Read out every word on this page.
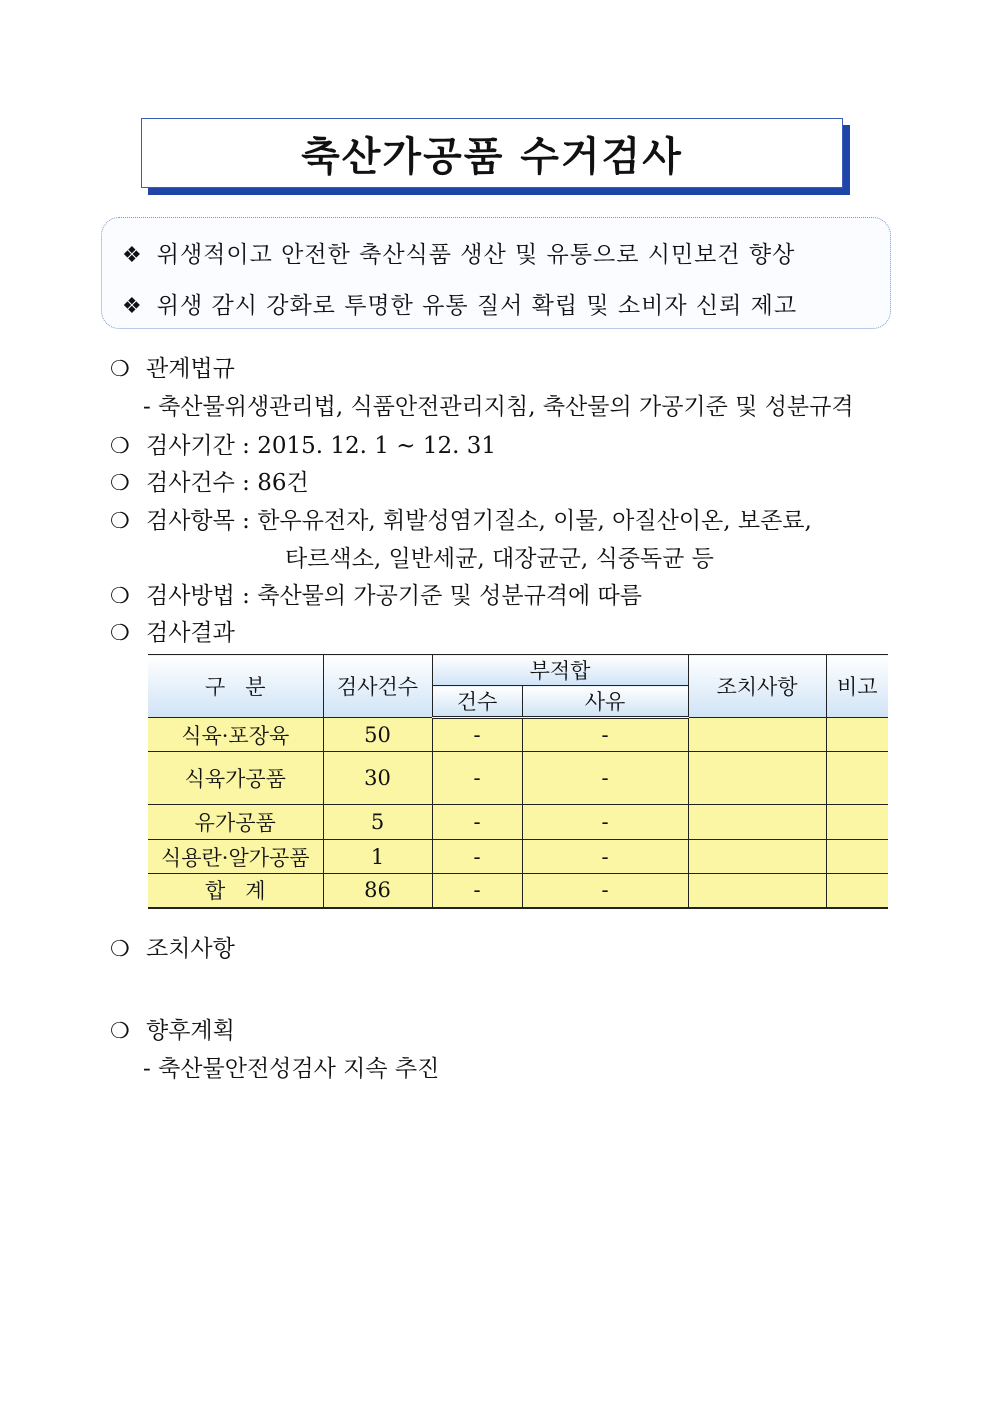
축산가공품 수거검사
❖ 위생적이고 안전한 축산식품 생산 및 유통으로 시민보건 향상
❖ 위생 감시 강화로 투명한 유통 질서 확립 및 소비자 신뢰 제고
❍ 관계법규
- 축산물위생관리법, 식품안전관리지침, 축산물의 가공기준 및 성분규격
❍ 검사기간 : 2015. 12. 1 ~ 12. 31
❍ 검사건수 : 86건
❍ 검사항목 : 한우유전자, 휘발성염기질소, 이물, 아질산이온, 보존료,
타르색소, 일반세균, 대장균군, 식중독균 등
❍ 검사방법 : 축산물의 가공기준 및 성분규격에 따름
❍ 검사결과
구   분	검사건수	부적합		조치사항	비고
		건수	사유		
식육·포장육	50	-	-		
식육가공품	30	-	-		
유가공품	5	-	-		
식용란·알가공품	1	-	-		
합   계	86	-	-		
❍ 조치사항
❍ 향후계획
- 축산물안전성검사 지속 추진
